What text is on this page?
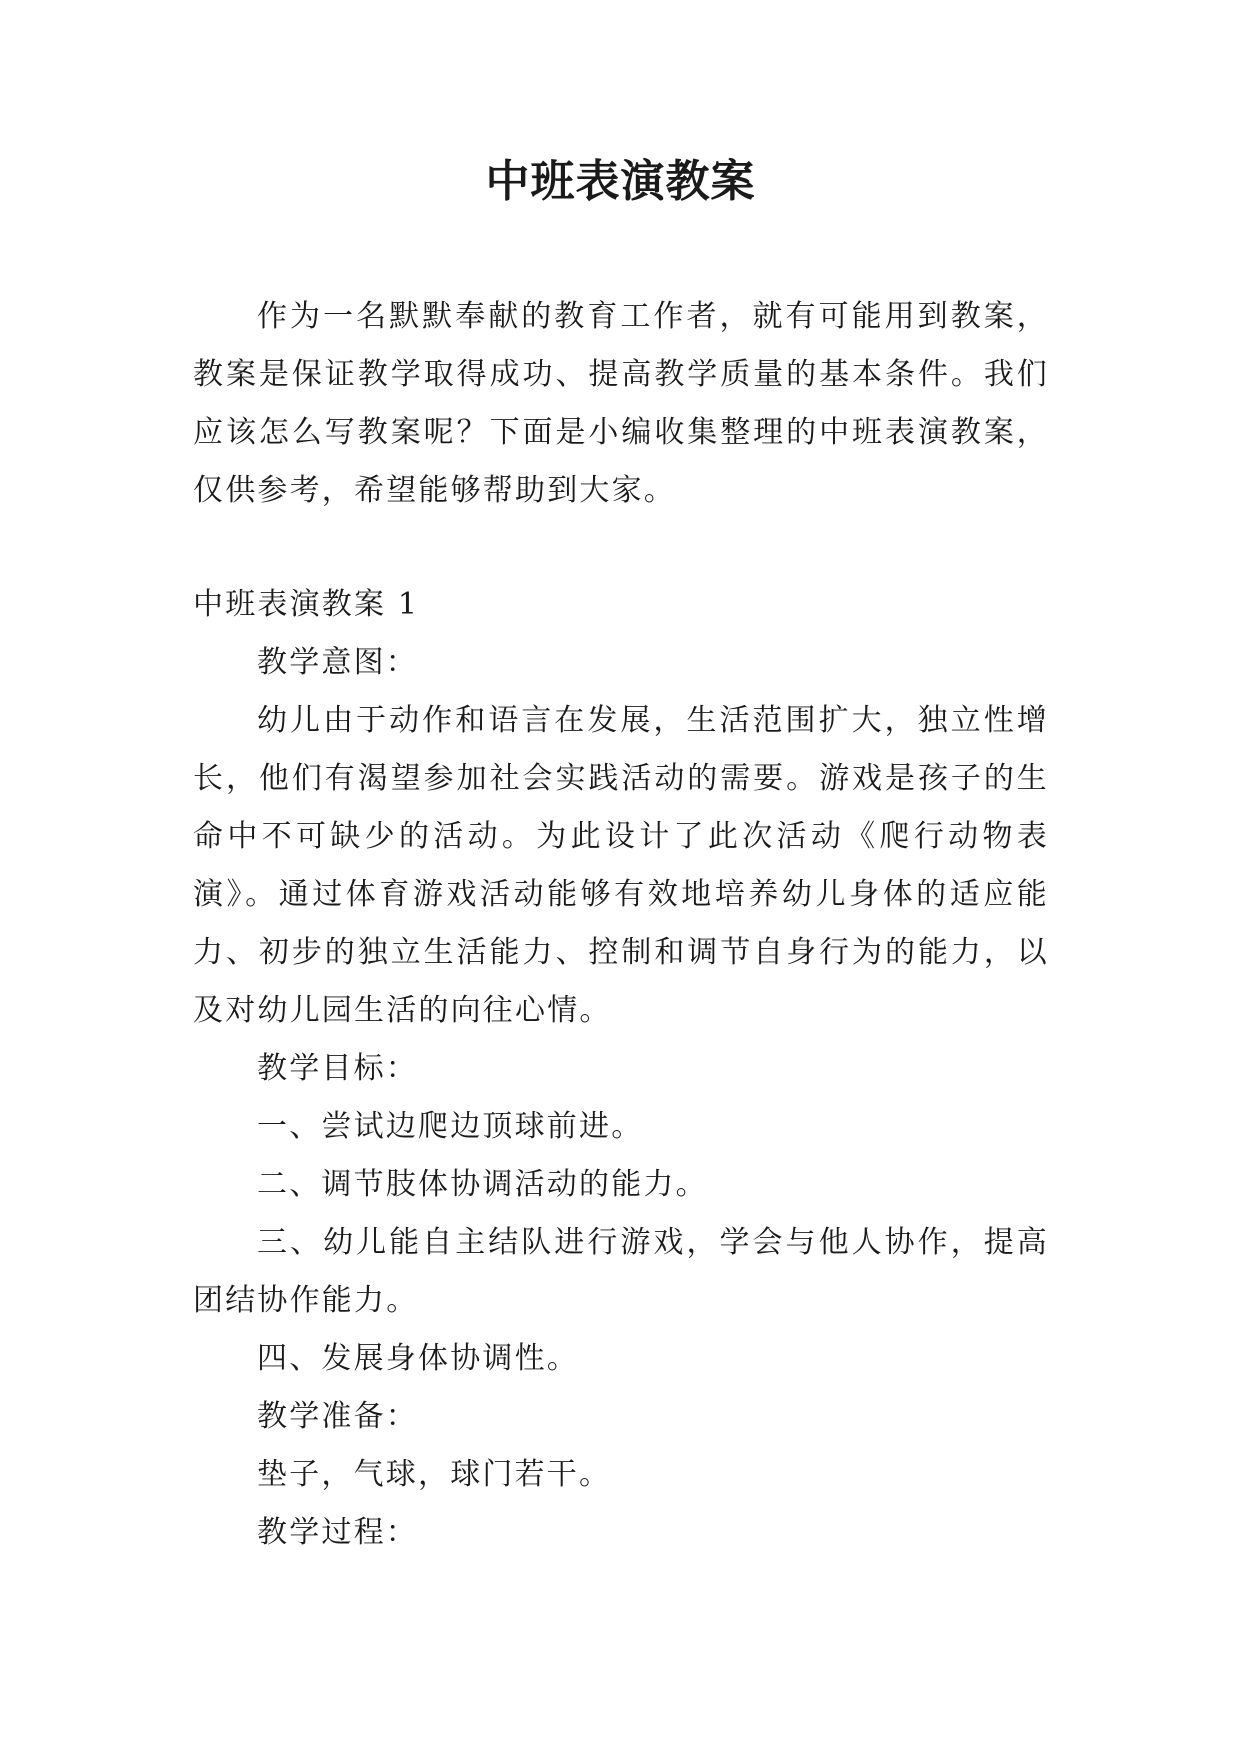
中班表演教案

作为一名默默奉献的教育工作者，就有可能用到教案，教案是保证教学取得成功、提高教学质量的基本条件。我们应该怎么写教案呢？下面是小编收集整理的中班表演教案，仅供参考，希望能够帮助到大家。

中班表演教案 1

教学意图：

幼儿由于动作和语言在发展，生活范围扩大，独立性增长，他们有渴望参加社会实践活动的需要。游戏是孩子的生命中不可缺少的活动。为此设计了此次活动《爬行动物表演》。通过体育游戏活动能够有效地培养幼儿身体的适应能力、初步的独立生活能力、控制和调节自身行为的能力，以及对幼儿园生活的向往心情。

教学目标：

一、尝试边爬边顶球前进。

二、调节肢体协调活动的能力。

三、幼儿能自主结队进行游戏，学会与他人协作，提高团结协作能力。

四、发展身体协调性。

教学准备：

垫子，气球，球门若干。

教学过程：
